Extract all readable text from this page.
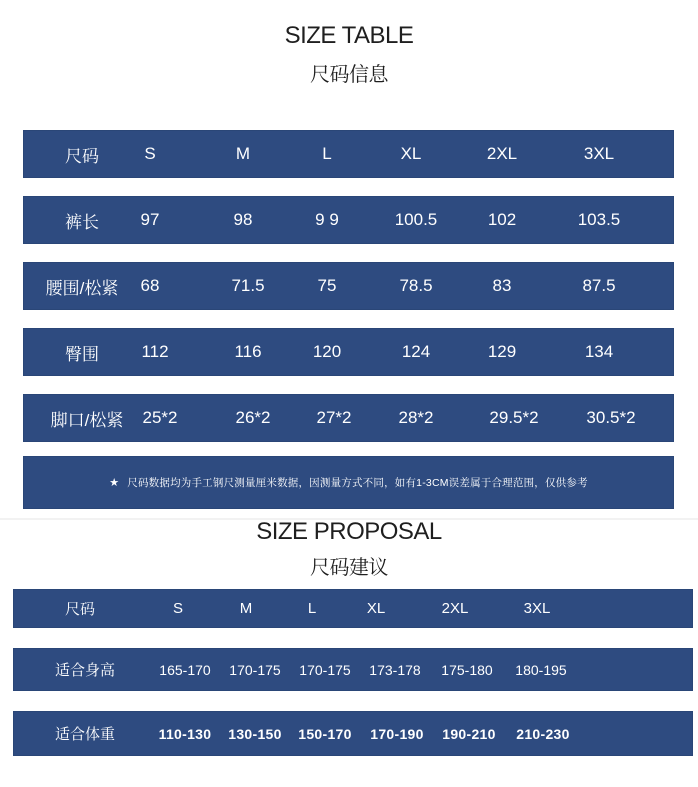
SIZE TABLE
尺码信息
尺码	S	M	L	XL	2XL	3XL
裤长	97	98	9 9	100.5	102	103.5
腰围/松紧	68	71.5	75	78.5	83	87.5
臀围	112	116	120	124	129	134
脚口/松紧	25*2	26*2	27*2	28*2	29.5*2	30.5*2
★ 尺码数据均为手工钢尺测量厘米数据，因测量方式不同，如有1-3CM误差属于合理范围，仅供参考
SIZE PROPOSAL
尺码建议
尺码	S	M	L	XL	2XL	3XL
适合身高	165-170	170-175	170-175	173-178	175-180	180-195
适合体重	110-130	130-150	150-170	170-190	190-210	210-230
